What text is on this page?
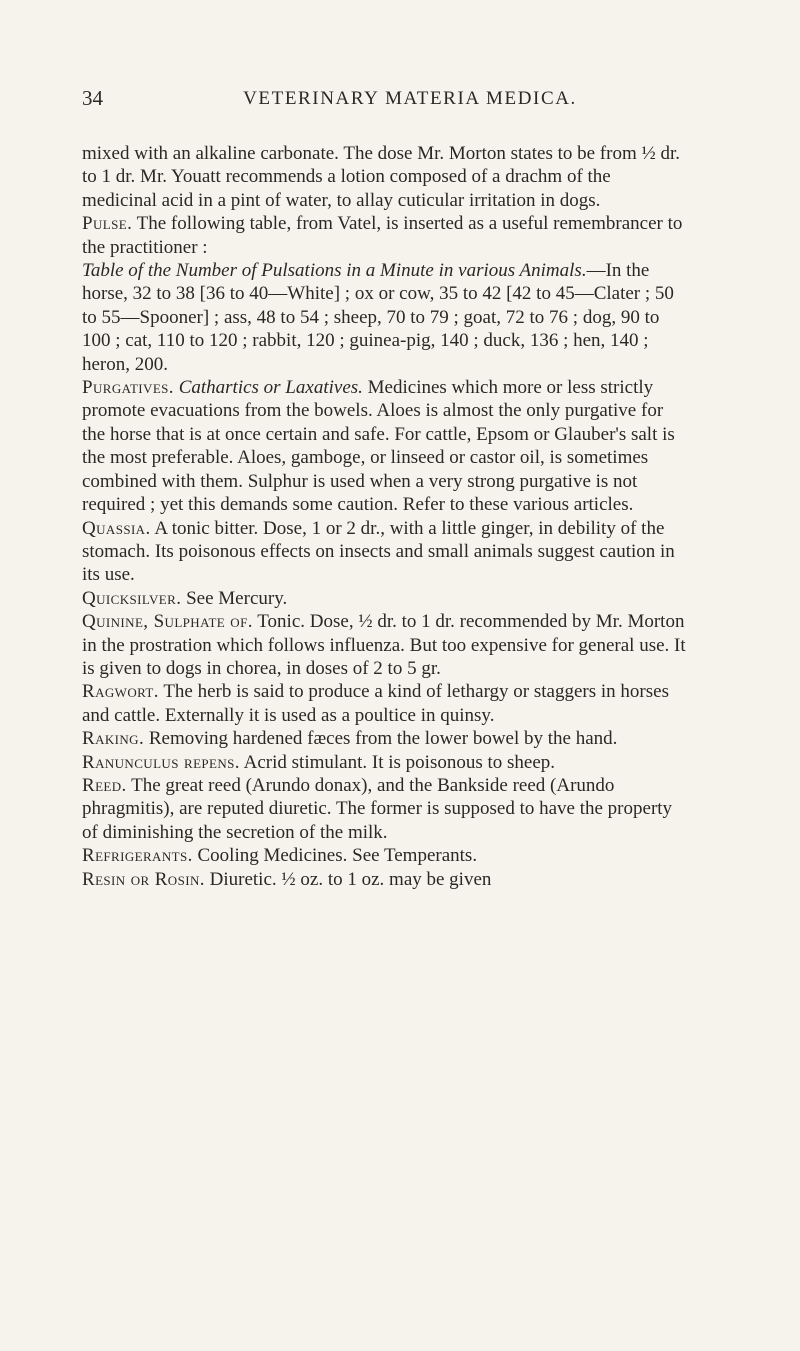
34	VETERINARY MATERIA MEDICA.

mixed with an alkaline carbonate. The dose Mr. Morton states to be from ½ dr. to 1 dr. Mr. Youatt recommends a lotion composed of a drachm of the medicinal acid in a pint of water, to allay cuticular irritation in dogs.

Pulse. The following table, from Vatel, is inserted as a useful remembrancer to the practitioner :

Table of the Number of Pulsations in a Minute in various Animals.—In the horse, 32 to 38 [36 to 40—White] ; ox or cow, 35 to 42 [42 to 45—Clater ; 50 to 55—Spooner] ; ass, 48 to 54 ; sheep, 70 to 79 ; goat, 72 to 76 ; dog, 90 to 100 ; cat, 110 to 120 ; rabbit, 120 ; guinea-pig, 140 ; duck, 136 ; hen, 140 ; heron, 200.

Purgatives. Cathartics or Laxatives. Medicines which more or less strictly promote evacuations from the bowels. Aloes is almost the only purgative for the horse that is at once certain and safe. For cattle, Epsom or Glauber's salt is the most preferable. Aloes, gamboge, or linseed or castor oil, is sometimes combined with them. Sulphur is used when a very strong purgative is not required ; yet this demands some caution. Refer to these various articles.

Quassia. A tonic bitter. Dose, 1 or 2 dr., with a little ginger, in debility of the stomach. Its poisonous effects on insects and small animals suggest caution in its use.

Quicksilver. See Mercury.

Quinine, Sulphate of. Tonic. Dose, ½ dr. to 1 dr. recommended by Mr. Morton in the prostration which follows influenza. But too expensive for general use. It is given to dogs in chorea, in doses of 2 to 5 gr.

Ragwort. The herb is said to produce a kind of lethargy or staggers in horses and cattle. Externally it is used as a poultice in quinsy.

Raking. Removing hardened fæces from the lower bowel by the hand.

Ranunculus repens. Acrid stimulant. It is poisonous to sheep.

Reed. The great reed (Arundo donax), and the Bankside reed (Arundo phragmitis), are reputed diuretic. The former is supposed to have the property of diminishing the secretion of the milk.

Refrigerants. Cooling Medicines. See Temperants.

Resin or Rosin. Diuretic. ½ oz. to 1 oz. may be given
